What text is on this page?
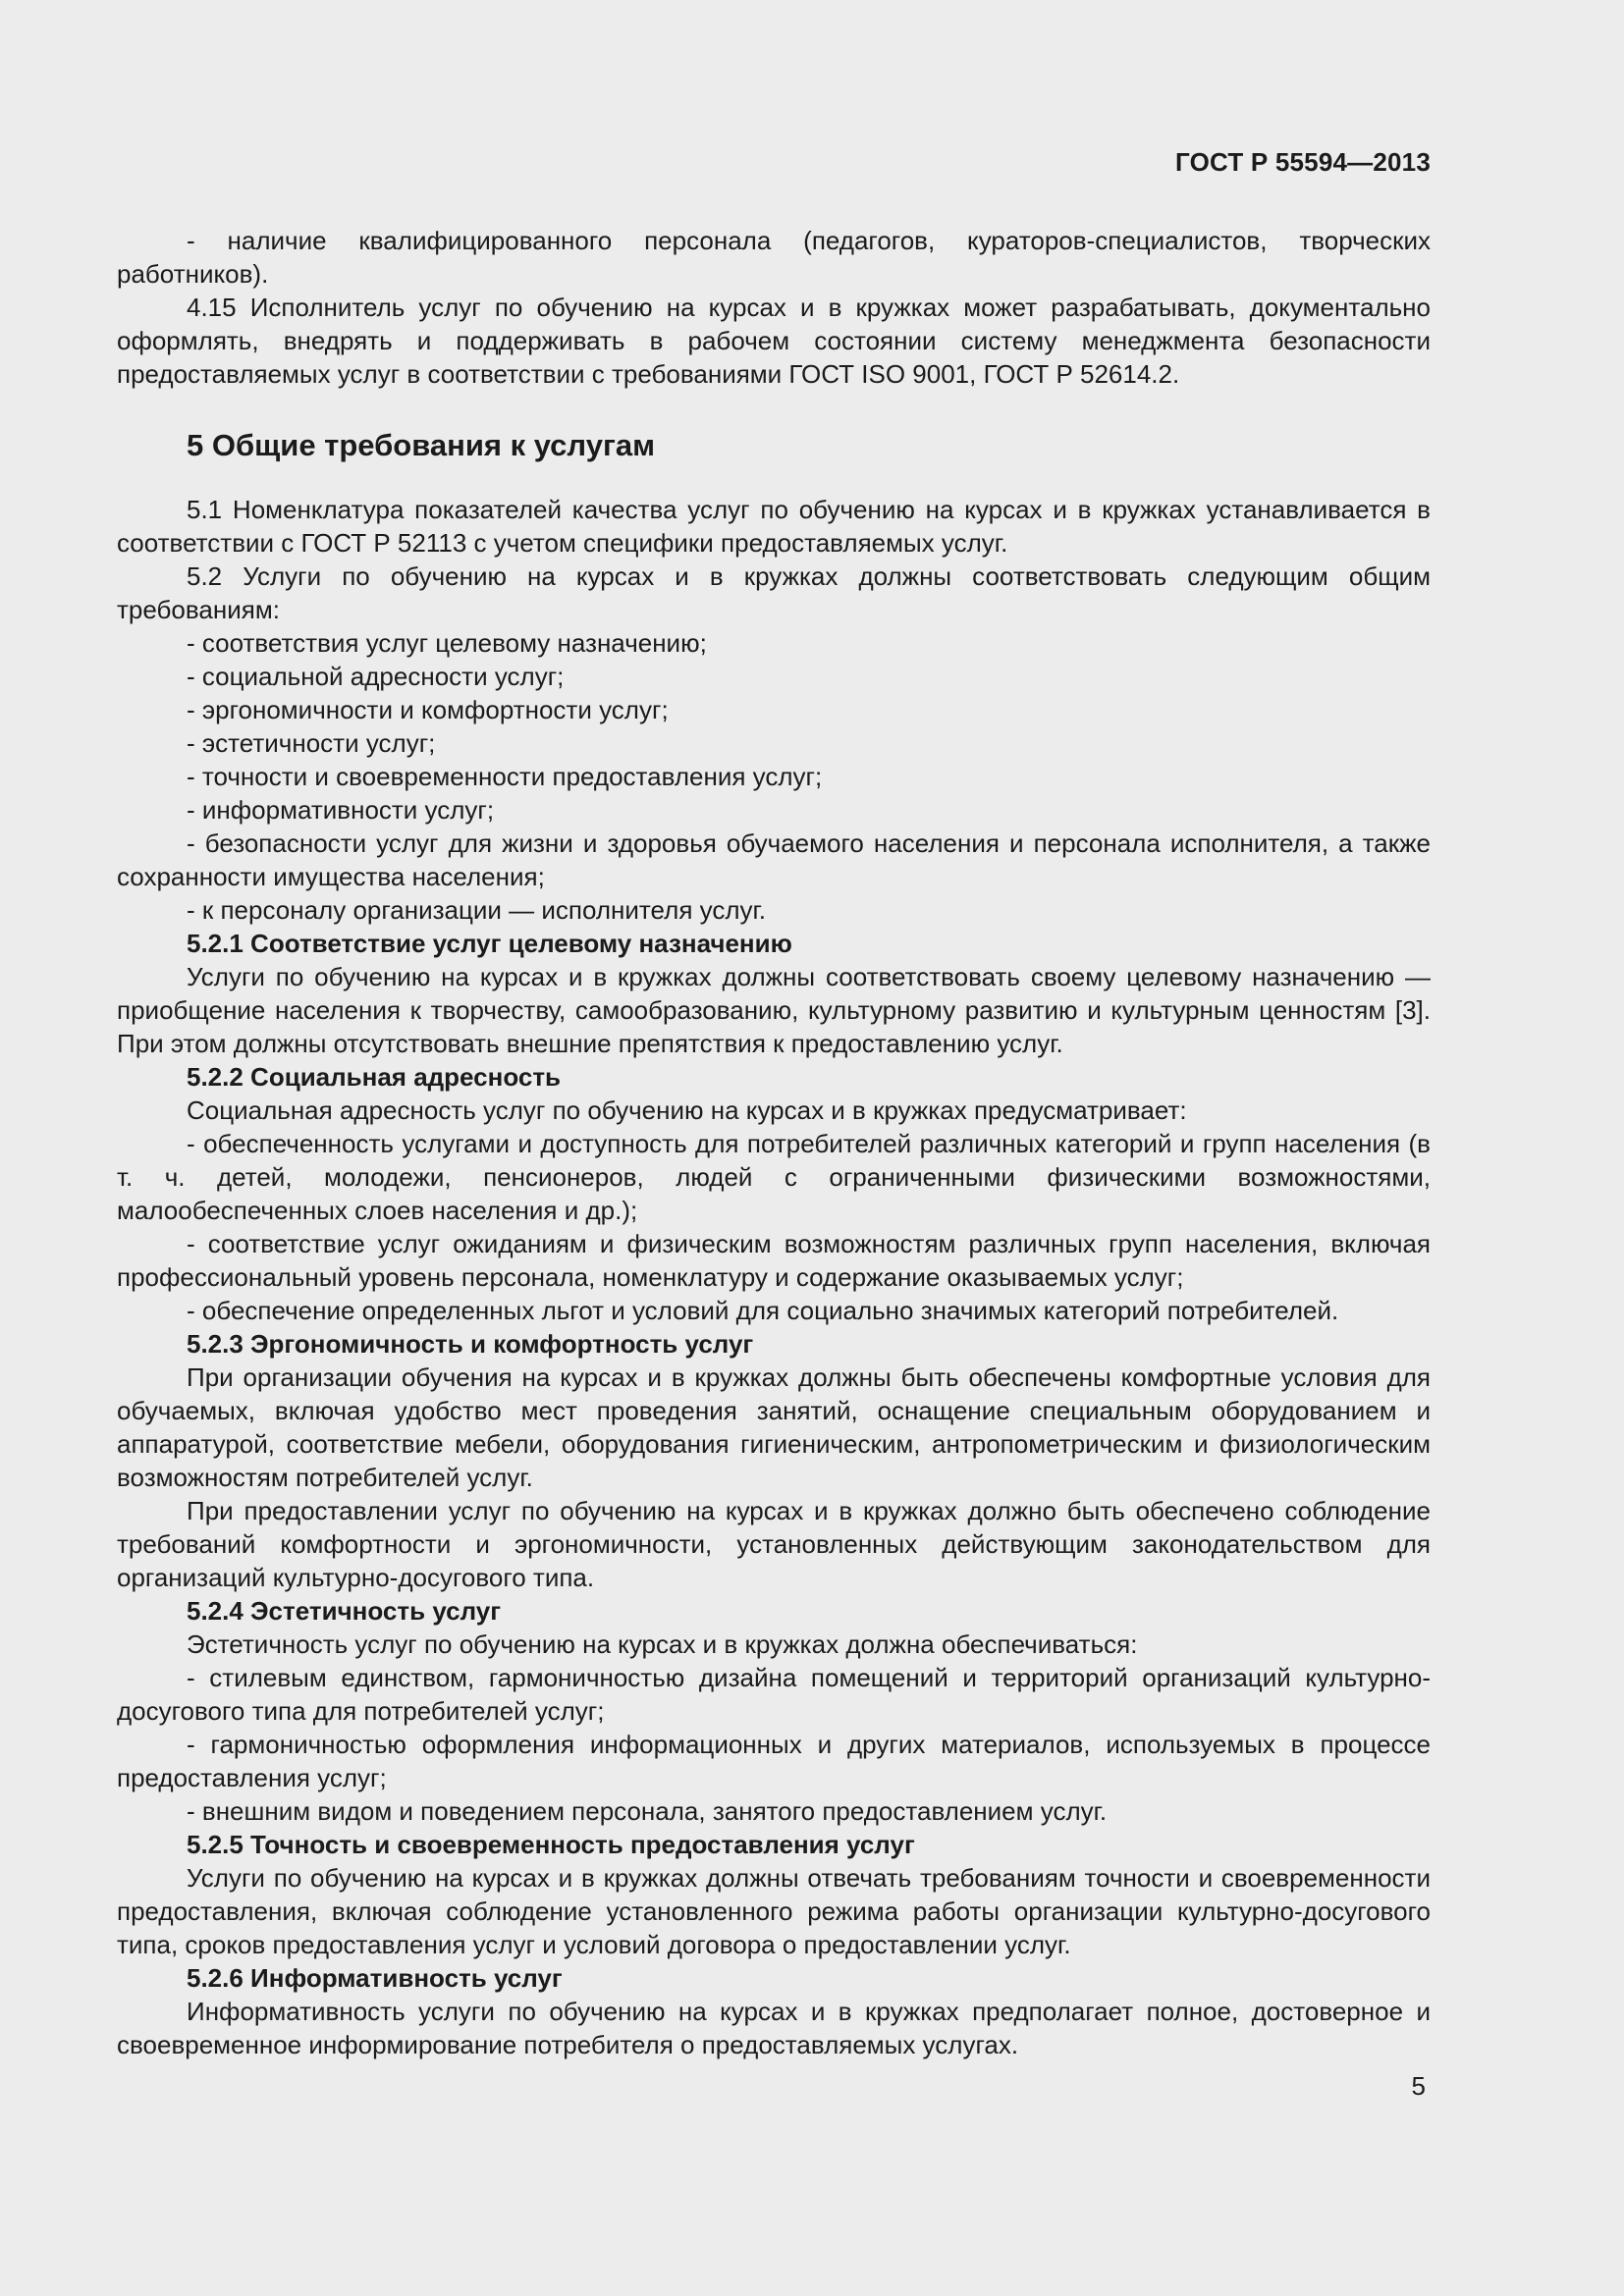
ГОСТ Р 55594—2013

- наличие квалифицированного персонала (педагогов, кураторов-специалистов, творческих работников).

4.15 Исполнитель услуг по обучению на курсах и в кружках может разрабатывать, документально оформлять, внедрять и поддерживать в рабочем состоянии систему менеджмента безопасности предоставляемых услуг в соответствии с требованиями ГОСТ ISO 9001, ГОСТ Р 52614.2.

5 Общие требования к услугам

5.1 Номенклатура показателей качества услуг по обучению на курсах и в кружках устанавливается в соответствии с ГОСТ Р 52113 с учетом специфики предоставляемых услуг.

5.2 Услуги по обучению на курсах и в кружках должны соответствовать следующим общим требованиям:

- соответствия услуг целевому назначению;

- социальной адресности услуг;

- эргономичности и комфортности услуг;

- эстетичности услуг;

- точности и своевременности предоставления услуг;

- информативности услуг;

- безопасности услуг для жизни и здоровья обучаемого населения и персонала исполнителя, а также сохранности имущества населения;

- к персоналу организации — исполнителя услуг.

5.2.1 Соответствие услуг целевому назначению

Услуги по обучению на курсах и в кружках должны соответствовать своему целевому назначению — приобщение населения к творчеству, самообразованию, культурному развитию и культурным ценностям [3]. При этом должны отсутствовать внешние препятствия к предоставлению услуг.

5.2.2 Социальная адресность

Социальная адресность услуг по обучению на курсах и в кружках предусматривает:

- обеспеченность услугами и доступность для потребителей различных категорий и групп населения (в т. ч. детей, молодежи, пенсионеров, людей с ограниченными физическими возможностями, малообеспеченных слоев населения и др.);

- соответствие услуг ожиданиям и физическим возможностям различных групп населения, включая профессиональный уровень персонала, номенклатуру и содержание оказываемых услуг;

- обеспечение определенных льгот и условий для социально значимых категорий потребителей.

5.2.3 Эргономичность и комфортность услуг

При организации обучения на курсах и в кружках должны быть обеспечены комфортные условия для обучаемых, включая удобство мест проведения занятий, оснащение специальным оборудованием и аппаратурой, соответствие мебели, оборудования гигиеническим, антропометрическим и физиологическим возможностям потребителей услуг.

При предоставлении услуг по обучению на курсах и в кружках должно быть обеспечено соблюдение требований комфортности и эргономичности, установленных действующим законодательством для организаций культурно-досугового типа.

5.2.4 Эстетичность услуг

Эстетичность услуг по обучению на курсах и в кружках должна обеспечиваться:

- стилевым единством, гармоничностью дизайна помещений и территорий организаций культурно-досугового типа для потребителей услуг;

- гармоничностью оформления информационных и других материалов, используемых в процессе предоставления услуг;

- внешним видом и поведением персонала, занятого предоставлением услуг.

5.2.5 Точность и своевременность предоставления услуг

Услуги по обучению на курсах и в кружках должны отвечать требованиям точности и своевременности предоставления, включая соблюдение установленного режима работы организации культурно-досугового типа, сроков предоставления услуг и условий договора о предоставлении услуг.

5.2.6 Информативность услуг

Информативность услуги по обучению на курсах и в кружках предполагает полное, достоверное и своевременное информирование потребителя о предоставляемых услугах.

5
